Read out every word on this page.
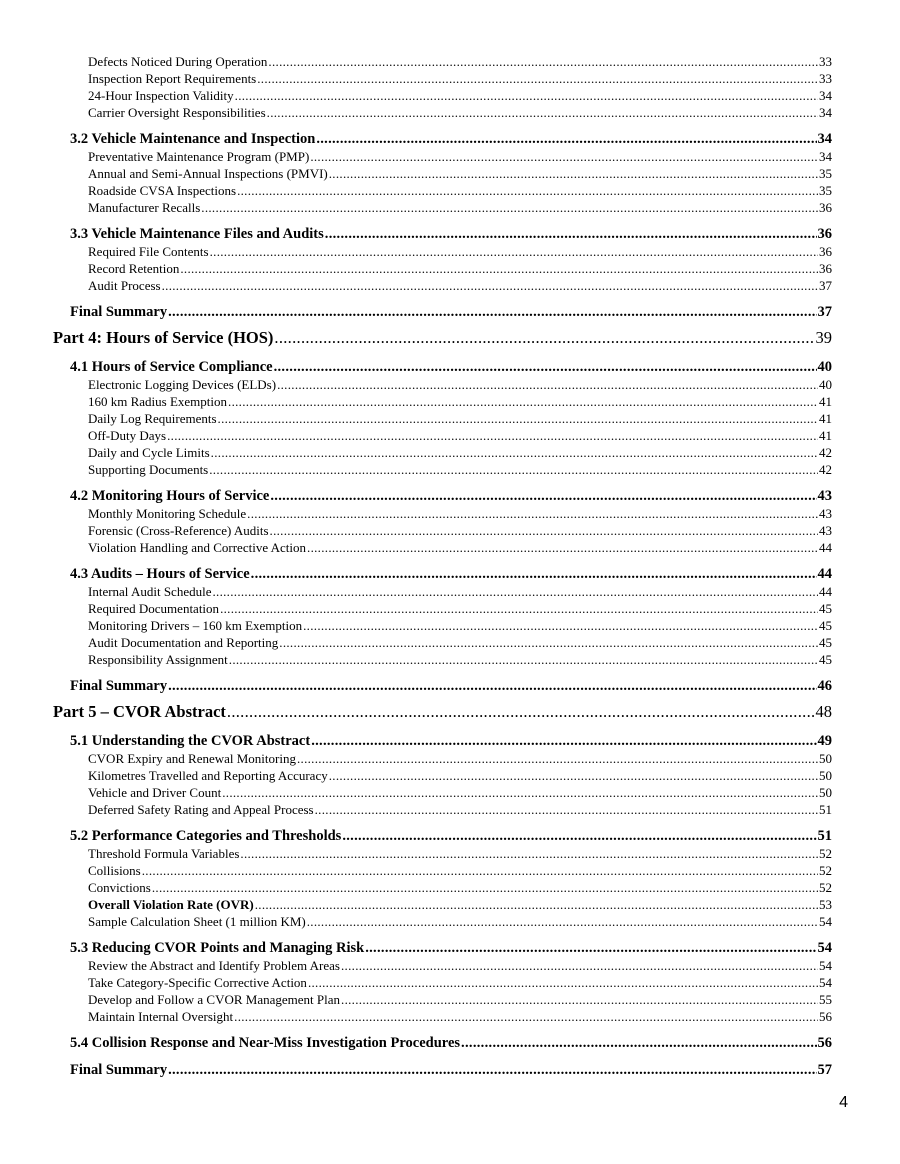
Defects Noticed During Operation .....	33
Inspection Report Requirements .....	33
24-Hour Inspection Validity .....	34
Carrier Oversight Responsibilities .....	34
3.2 Vehicle Maintenance and Inspection .....	34
Preventative Maintenance Program (PMP) .....	34
Annual and Semi-Annual Inspections (PMVI) .....	35
Roadside CVSA Inspections .....	35
Manufacturer Recalls .....	36
3.3 Vehicle Maintenance Files and Audits .....	36
Required File Contents .....	36
Record Retention .....	36
Audit Process .....	37
Final Summary .....	37
Part 4: Hours of Service (HOS) .....	39
4.1 Hours of Service Compliance .....	40
Electronic Logging Devices (ELDs) .....	40
160 km Radius Exemption .....	41
Daily Log Requirements .....	41
Off-Duty Days .....	41
Daily and Cycle Limits .....	42
Supporting Documents .....	42
4.2 Monitoring Hours of Service .....	43
Monthly Monitoring Schedule .....	43
Forensic (Cross-Reference) Audits .....	43
Violation Handling and Corrective Action .....	44
4.3 Audits – Hours of Service .....	44
Internal Audit Schedule .....	44
Required Documentation .....	45
Monitoring Drivers – 160 km Exemption .....	45
Audit Documentation and Reporting .....	45
Responsibility Assignment .....	45
Final Summary .....	46
Part 5 – CVOR Abstract .....	48
5.1 Understanding the CVOR Abstract .....	49
CVOR Expiry and Renewal Monitoring .....	50
Kilometres Travelled and Reporting Accuracy .....	50
Vehicle and Driver Count .....	50
Deferred Safety Rating and Appeal Process .....	51
5.2 Performance Categories and Thresholds .....	51
Threshold Formula Variables .....	52
Collisions .....	52
Convictions .....	52
Overall Violation Rate (OVR) .....	53
Sample Calculation Sheet (1 million KM) .....	54
5.3 Reducing CVOR Points and Managing Risk .....	54
Review the Abstract and Identify Problem Areas .....	54
Take Category-Specific Corrective Action .....	54
Develop and Follow a CVOR Management Plan .....	55
Maintain Internal Oversight .....	56
5.4 Collision Response and Near-Miss Investigation Procedures .....	56
Final Summary .....	57
4
